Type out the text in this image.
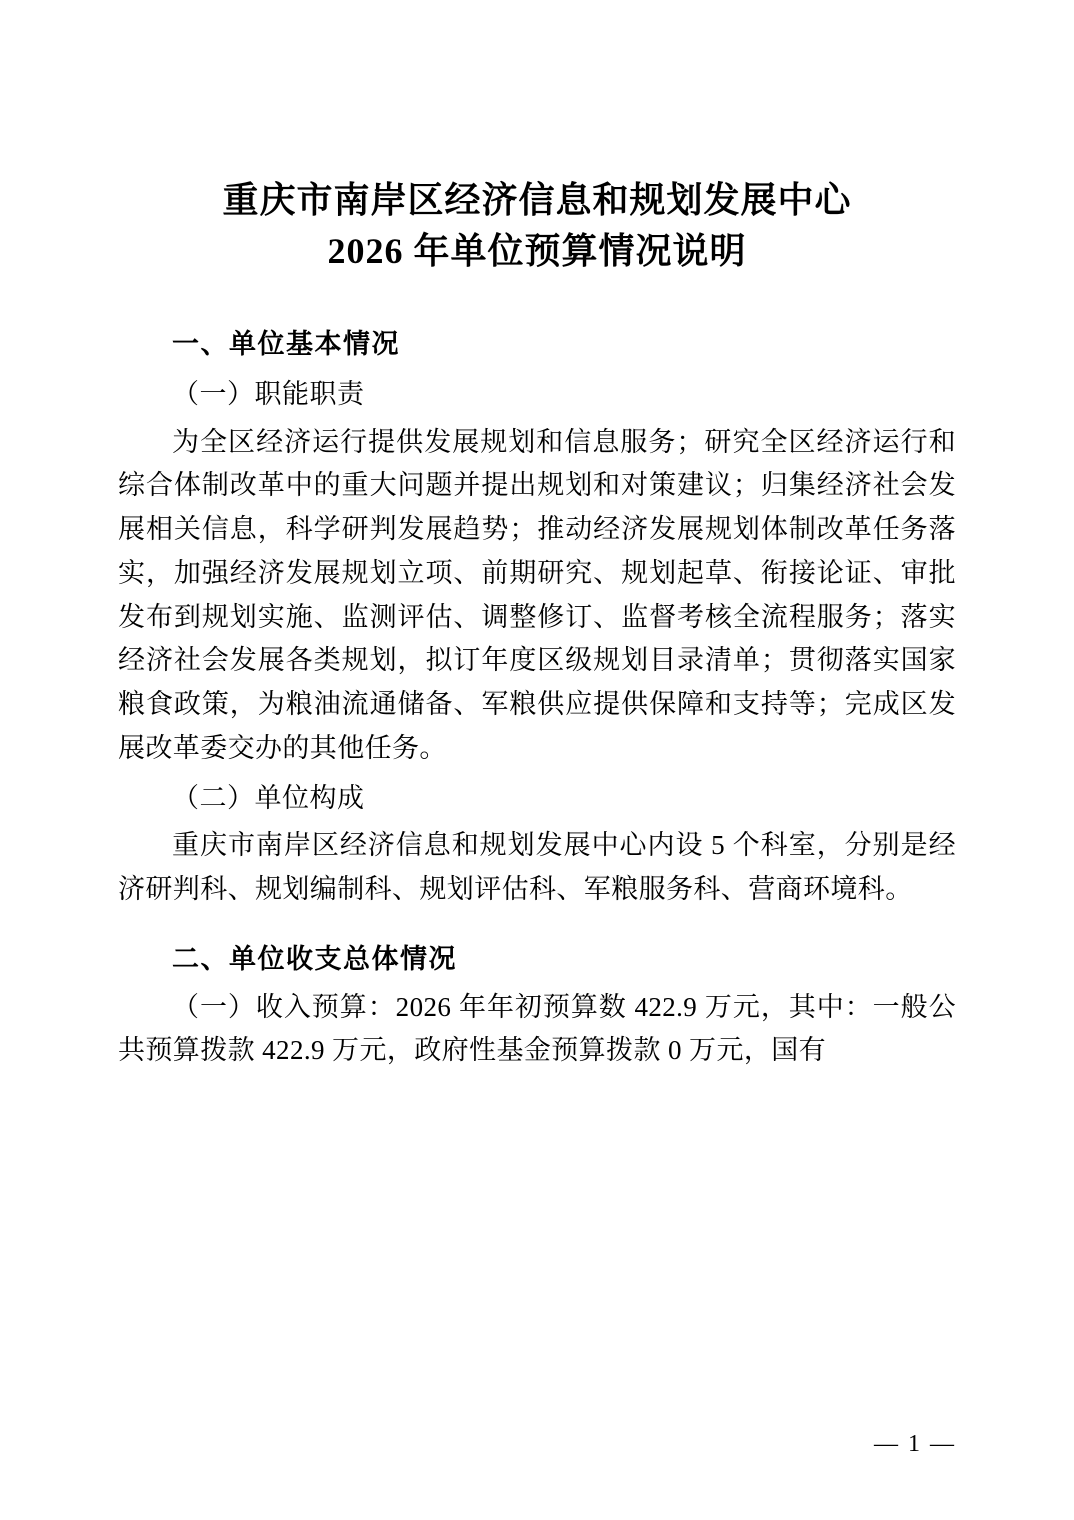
重庆市南岸区经济信息和规划发展中心
2026 年单位预算情况说明
一、单位基本情况
（一）职能职责

为全区经济运行提供发展规划和信息服务；研究全区经济运行和综合体制改革中的重大问题并提出规划和对策建议；归集经济社会发展相关信息，科学研判发展趋势；推动经济发展规划体制改革任务落实，加强经济发展规划立项、前期研究、规划起草、衔接论证、审批发布到规划实施、监测评估、调整修订、监督考核全流程服务；落实经济社会发展各类规划，拟订年度区级规划目录清单；贯彻落实国家粮食政策，为粮油流通储备、军粮供应提供保障和支持等；完成区发展改革委交办的其他任务。

（二）单位构成

重庆市南岸区经济信息和规划发展中心内设 5 个科室，分别是经济研判科、规划编制科、规划评估科、军粮服务科、营商环境科。

二、单位收支总体情况

（一）收入预算：2026 年年初预算数 422.9 万元，其中：一般公共预算拨款 422.9 万元，政府性基金预算拨款 0 万元，国有

— 1 —
